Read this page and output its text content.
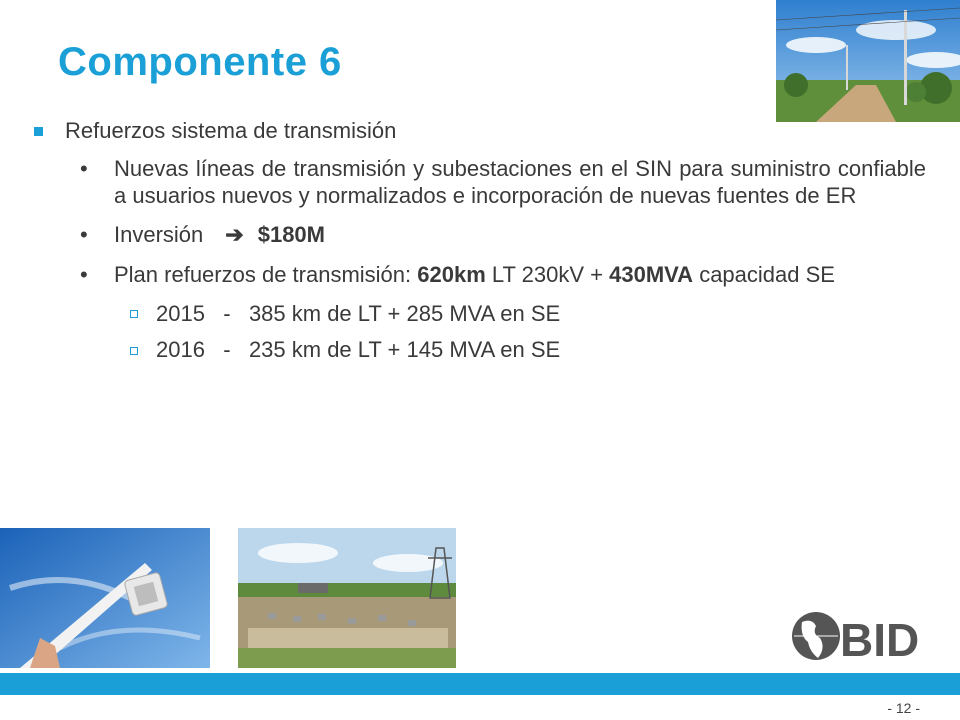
Componente 6
Refuerzos sistema de transmisión
•	Nuevas líneas de transmisión y subestaciones en el SIN para suministro confiable a usuarios nuevos y normalizados e incorporación de nuevas fuentes de ER
•	Inversión ➔ $180M
•	Plan refuerzos de transmisión: 620km LT 230kV + 430MVA capacidad SE
2015   -   385 km de LT + 285 MVA en SE
2016   -   235 km de LT + 145 MVA en SE
BID
- 12 -
